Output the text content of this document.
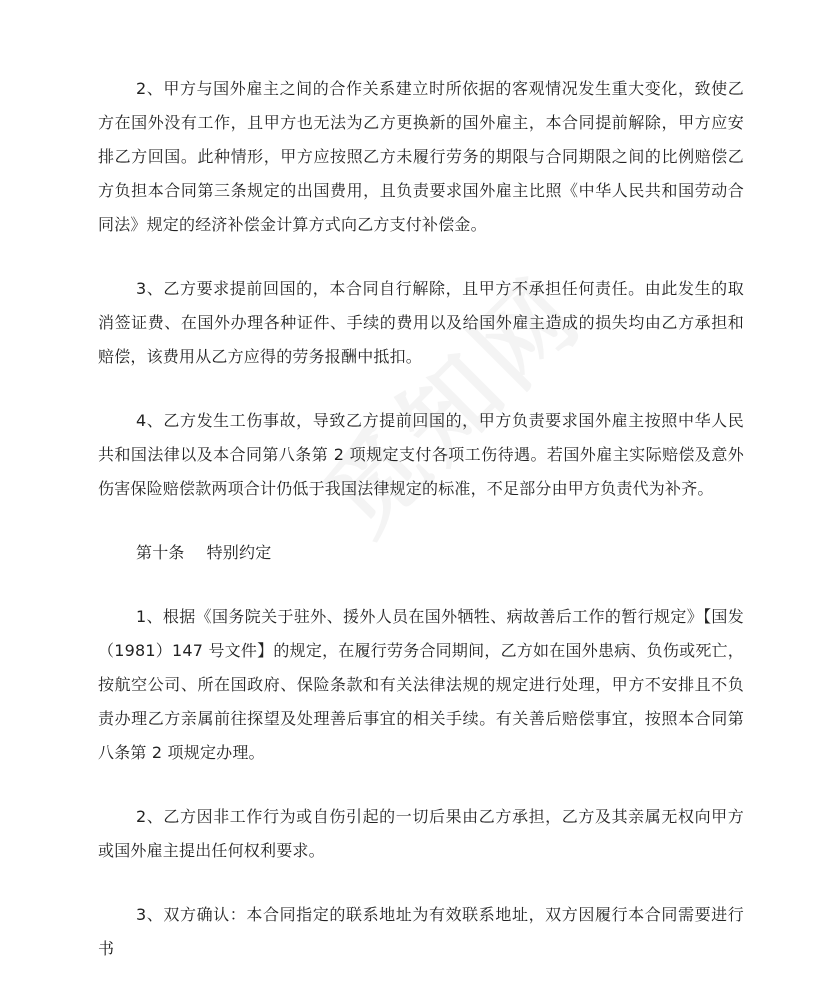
2、甲方与国外雇主之间的合作关系建立时所依据的客观情况发生重大变化，致使乙方在国外没有工作，且甲方也无法为乙方更换新的国外雇主，本合同提前解除，甲方应安排乙方回国。此种情形，甲方应按照乙方未履行劳务的期限与合同期限之间的比例赔偿乙方负担本合同第三条规定的出国费用，且负责要求国外雇主比照《中华人民共和国劳动合同法》规定的经济补偿金计算方式向乙方支付补偿金。

3、乙方要求提前回国的，本合同自行解除，且甲方不承担任何责任。由此发生的取消签证费、在国外办理各种证件、手续的费用以及给国外雇主造成的损失均由乙方承担和赔偿，该费用从乙方应得的劳务报酬中抵扣。

4、乙方发生工伤事故，导致乙方提前回国的，甲方负责要求国外雇主按照中华人民共和国法律以及本合同第八条第 2 项规定支付各项工伤待遇。若国外雇主实际赔偿及意外伤害保险赔偿款两项合计仍低于我国法律规定的标准，不足部分由甲方负责代为补齐。

第十条 特别约定

1、根据《国务院关于驻外、援外人员在国外牺牲、病故善后工作的暂行规定》【国发（1981）147 号文件】的规定，在履行劳务合同期间，乙方如在国外患病、负伤或死亡，按航空公司、所在国政府、保险条款和有关法律法规的规定进行处理，甲方不安排且不负责办理乙方亲属前往探望及处理善后事宜的相关手续。有关善后赔偿事宜，按照本合同第八条第 2 项规定办理。

2、乙方因非工作行为或自伤引起的一切后果由乙方承担，乙方及其亲属无权向甲方或国外雇主提出任何权利要求。

3、双方确认：本合同指定的联系地址为有效联系地址，双方因履行本合同需要进行书
